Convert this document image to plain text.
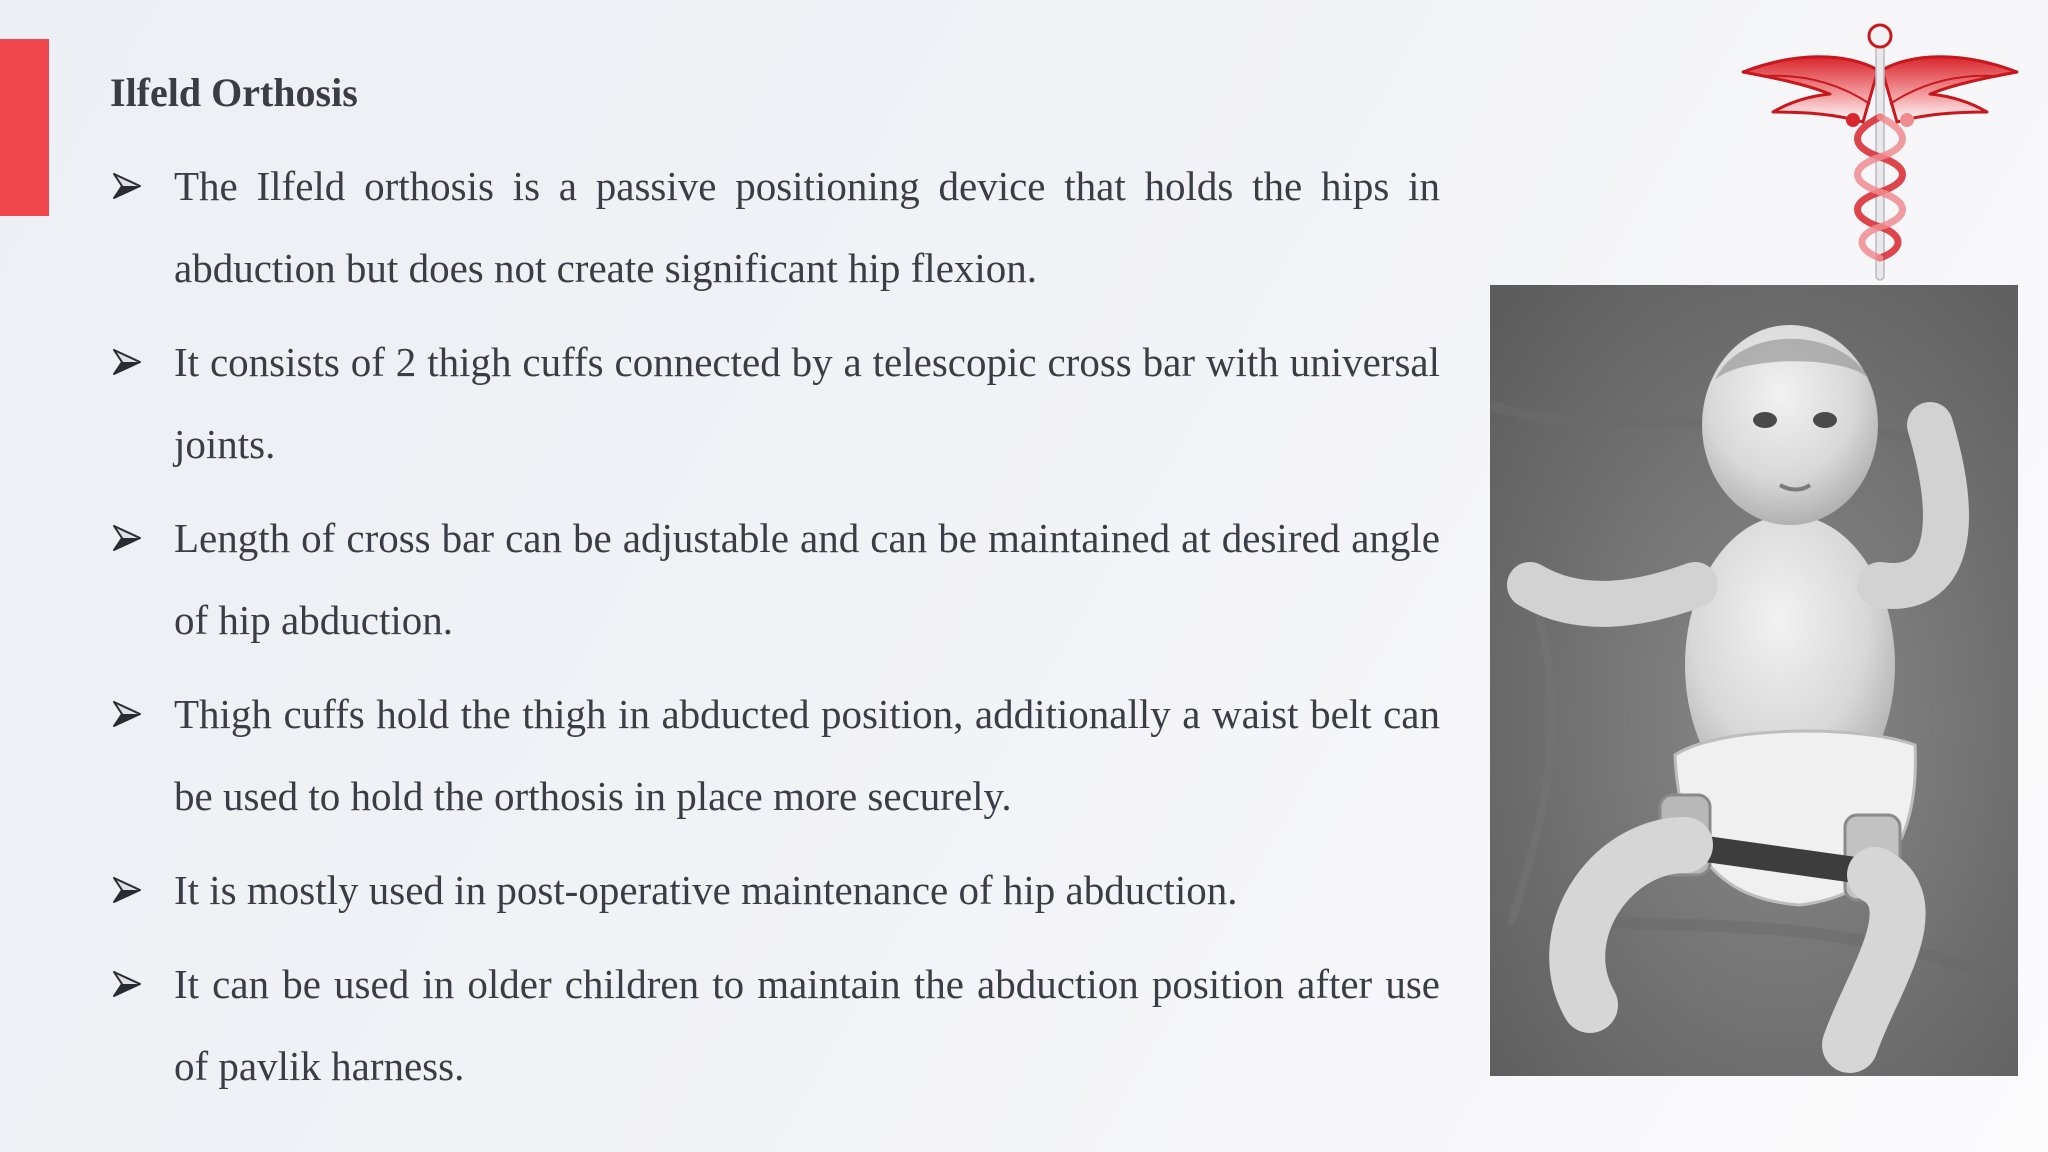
Ilfeld Orthosis
The Ilfeld orthosis is a passive positioning device that holds the hips in abduction but does not create significant hip flexion.
It consists of 2 thigh cuffs connected by a telescopic cross bar with universal joints.
Length of cross bar can be adjustable and can be maintained at desired angle of hip abduction.
Thigh cuffs hold the thigh in abducted position, additionally a waist belt can be used to hold the orthosis in place more securely.
It is mostly used in post-operative maintenance of hip abduction.
It can be used in older children to maintain the abduction position after use of pavlik harness.
